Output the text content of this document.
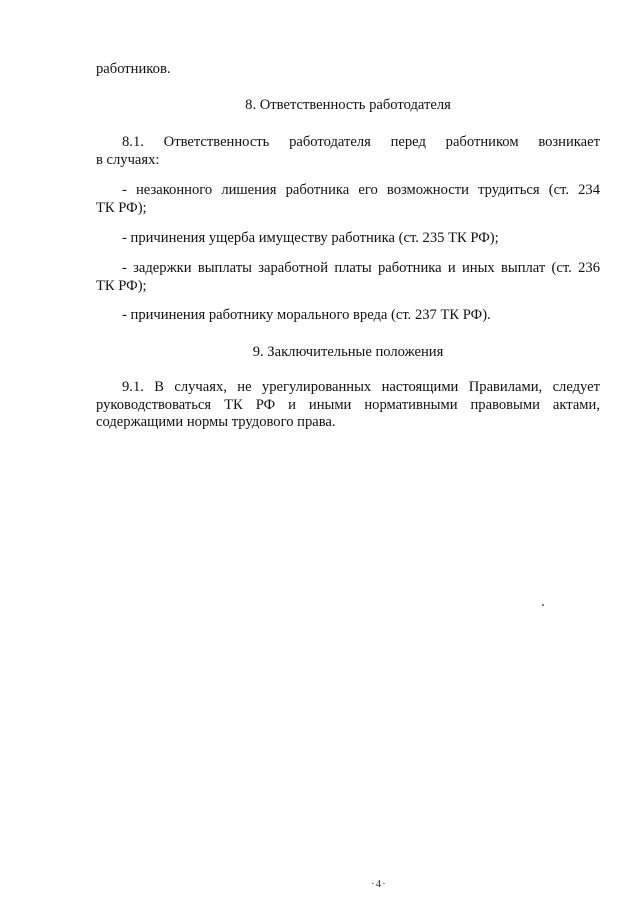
работников.

8. Ответственность работодателя

8.1. Ответственность работодателя перед работником возникает

в случаях:

- незаконного лишения работника его возможности трудиться (ст. 234

ТК РФ);

- причинения ущерба имуществу работника (ст. 235 ТК РФ);

- задержки выплаты заработной платы работника и иных выплат (ст. 236

ТК РФ);

- причинения работнику морального вреда (ст. 237 ТК РФ).

9. Заключительные положения

9.1. В случаях, не урегулированных настоящими Правилами, следует

руководствоваться ТК РФ и иными нормативными правовыми актами,

содержащими нормы трудового права.

·4·
